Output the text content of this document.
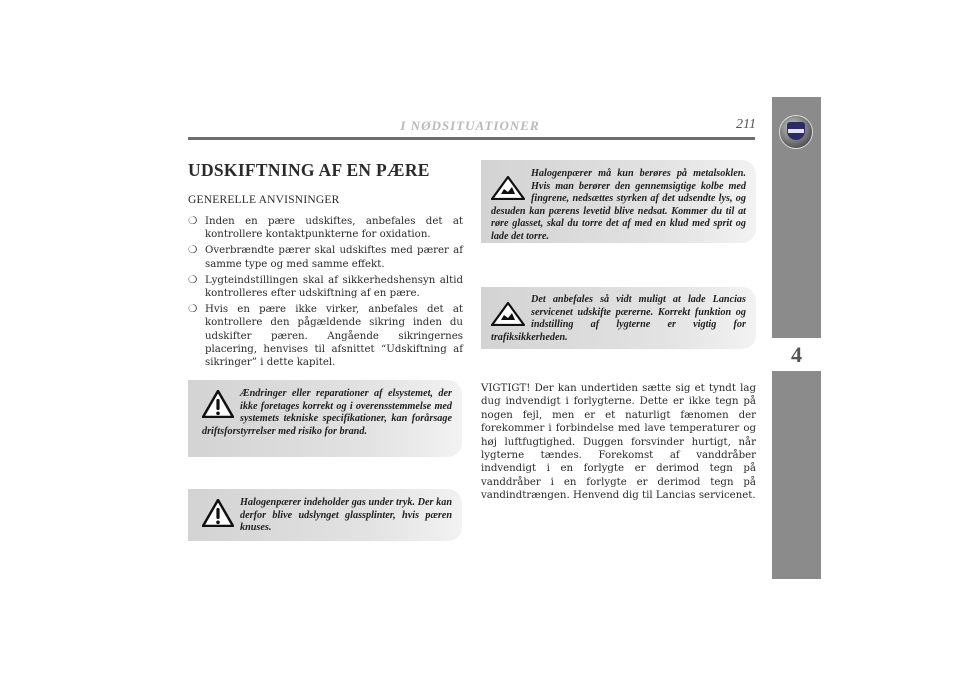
I NØDSITUATIONER	211
4
UDSKIFTNING AF EN PÆRE
GENERELLE ANVISNINGER
❍ Inden en pære udskiftes, anbefales det at kontrollere kontaktpunkterne for oxidation.
❍ Overbrændte pærer skal udskiftes med pærer af samme type og med samme effekt.
❍ Lygteindstillingen skal af sikkerhedshensyn altid kontrolleres efter udskiftning af en pære.
❍ Hvis en pære ikke virker, anbefales det at kontrollere den pågældende sikring inden du udskifter pæren. Angående sikringernes placering, henvises til afsnittet “Udskiftning af sikringer” i dette kapitel.
Ændringer eller reparationer af elsystemet, der ikke foretages korrekt og i overensstemmelse med systemets tekniske specifikationer, kan forårsage driftsforstyrrelser med risiko for brand.
Halogenpærer indeholder gas under tryk. Der kan derfor blive udslynget glassplinter, hvis pæren knuses.
Halogenpærer må kun berøres på metalsoklen. Hvis man berører den gennemsigtige kolbe med fingrene, nedsættes styrken af det udsendte lys, og desuden kan pærens levetid blive nedsat. Kommer du til at røre glasset, skal du torre det af med en klud med sprit og lade det torre.
Det anbefales så vidt muligt at lade Lancias servicenet udskifte pærerne. Korrekt funktion og indstilling af lygterne er vigtig for trafiksikkerheden.

VIGTIGT! Der kan undertiden sætte sig et tyndt lag dug indvendigt i forlygterne. Dette er ikke tegn på nogen fejl, men er et naturligt fænomen der forekommer i forbindelse med lave temperaturer og høj luftfugtighed. Duggen forsvinder hurtigt, når lygterne tændes. Forekomst af vanddråber indvendigt i en forlygte er derimod tegn på vanddråber i en forlygte er derimod tegn på vandindtrængen. Henvend dig til Lancias servicenet.
